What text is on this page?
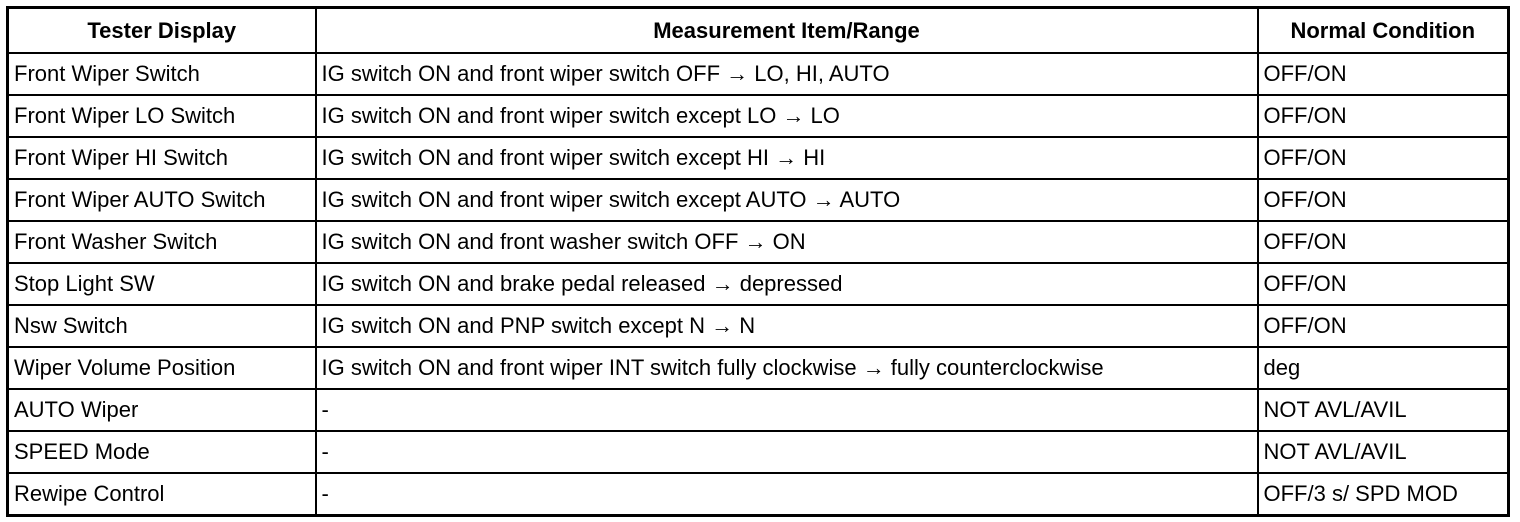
Tester Display	Measurement Item/Range	Normal Condition
Front Wiper Switch	IG switch ON and front wiper switch OFF → LO, HI, AUTO	OFF/ON
Front Wiper LO Switch	IG switch ON and front wiper switch except LO → LO	OFF/ON
Front Wiper HI Switch	IG switch ON and front wiper switch except HI → HI	OFF/ON
Front Wiper AUTO Switch	IG switch ON and front wiper switch except AUTO → AUTO	OFF/ON
Front Washer Switch	IG switch ON and front washer switch OFF → ON	OFF/ON
Stop Light SW	IG switch ON and brake pedal released → depressed	OFF/ON
Nsw Switch	IG switch ON and PNP switch except N → N	OFF/ON
Wiper Volume Position	IG switch ON and front wiper INT switch fully clockwise → fully counterclockwise	deg
AUTO Wiper	-	NOT AVL/AVIL
SPEED Mode	-	NOT AVL/AVIL
Rewipe Control	-	OFF/3 s/ SPD MOD
